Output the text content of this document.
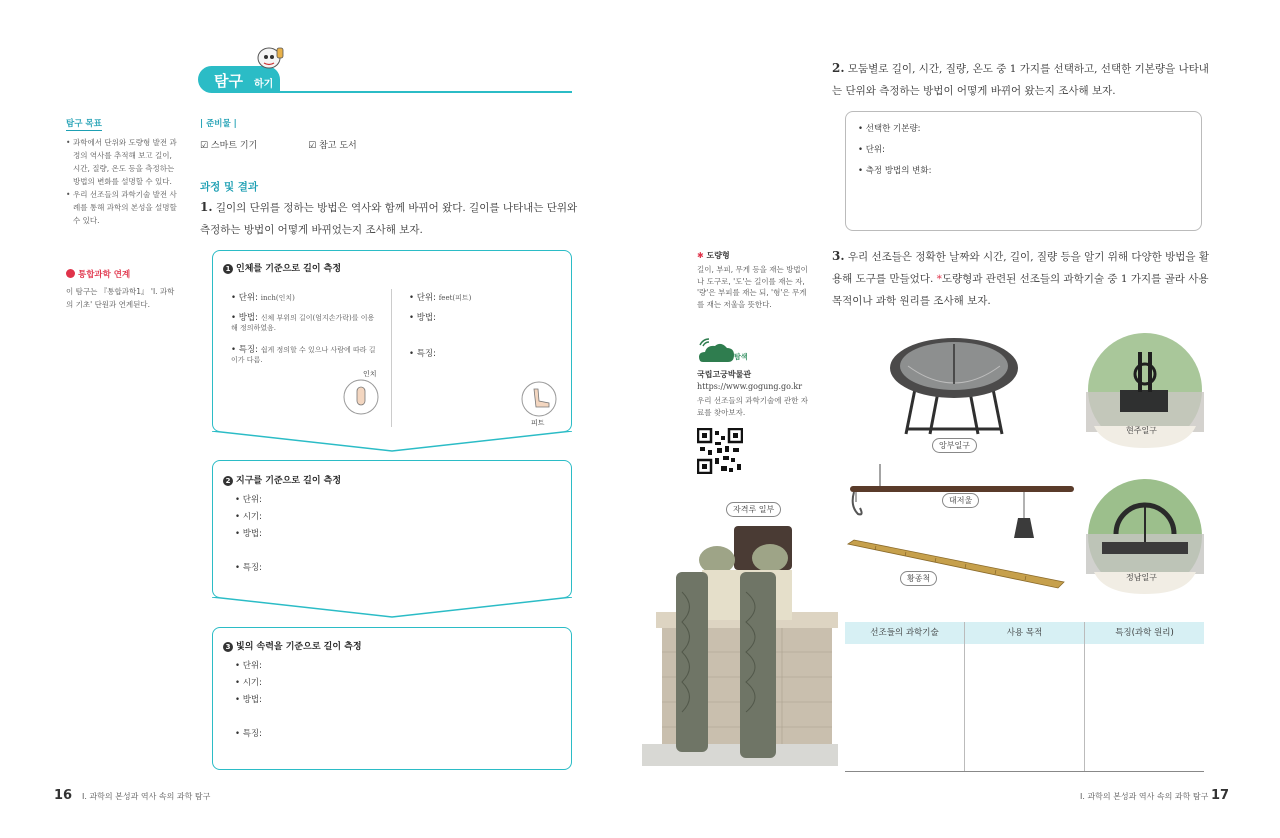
탐구 하기
탐구 목표
• 과학에서 단위와 도량형 발전 과정의 역사를 추적해 보고 길이, 시간, 질량, 온도 등을 측정하는 방법의 변화를 설명할 수 있다.
• 우리 선조들의 과학기술 발전 사례를 통해 과학의 본성을 설명할 수 있다.
통합과학 연계
이 탐구는 『통합과학1』 'I. 과학의 기초' 단원과 연계된다.
| 준비물 |
☑ 스마트 기기	☑ 참고 도서
과정 및 결과
1. 길이의 단위를 정하는 방법은 역사와 함께 바뀌어 왔다. 길이를 나타내는 단위와 측정하는 방법이 어떻게 바뀌었는지 조사해 보자.
1 인체를 기준으로 길이 측정
• 단위: inch(인치)
• 방법: 신체 부위의 길이(엄지손가락)를 이용해 정의하였음.
• 특징: 쉽게 정의할 수 있으나 사람에 따라 길이가 다름.
인치
• 단위: feet(피트)
• 방법:
• 특징:
피트
2 지구를 기준으로 길이 측정
• 단위:
• 시기:
• 방법:
• 특징:
3 빛의 속력을 기준으로 길이 측정
• 단위:
• 시기:
• 방법:
• 특징:
16 I. 과학의 본성과 역사 속의 과학 탐구
2. 모둠별로 길이, 시간, 질량, 온도 중 1 가지를 선택하고, 선택한 기본량을 나타내는 단위와 측정하는 방법이 어떻게 바뀌어 왔는지 조사해 보자.
• 선택한 기본량:
• 단위:
• 측정 방법의 변화:
3. 우리 선조들은 정확한 날짜와 시간, 길이, 질량 등을 알기 위해 다양한 방법을 활용해 도구를 만들었다. *도량형과 관련된 선조들의 과학기술 중 1 가지를 골라 사용 목적이나 과학 원리를 조사해 보자.
✱ 도량형
길이, 부피, 무게 등을 재는 방법이나 도구로, '도'는 길이를 재는 자, '량'은 부피를 재는 되, '형'은 무게를 재는 저울을 뜻한다.
탐색
국립고궁박물관
https://www.gogung.go.kr
우리 선조들의 과학기술에 관한 자료를 찾아보자.
자격루 일부
앙부일구
현주일구
대저울
황종척	정남일구
선조들의 과학기술	사용 목적	특징(과학 원리)
I. 과학의 본성과 역사 속의 과학 탐구 17
